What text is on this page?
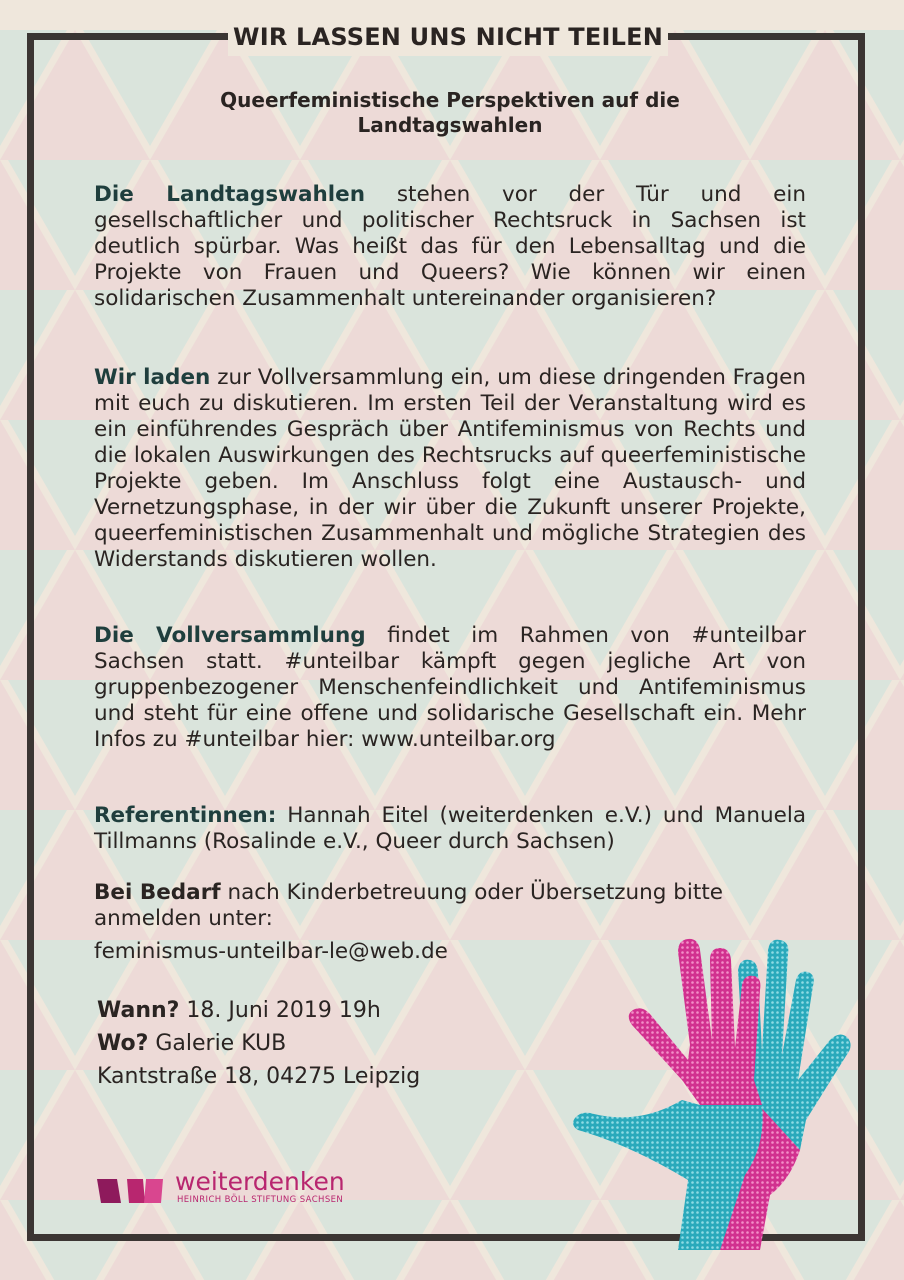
WIR LASSEN UNS NICHT TEILEN
Queerfeministische Perspektiven auf die
Landtagswahlen
Die Landtagswahlen stehen vor der Tür und ein gesellschaftlicher und politischer Rechtsruck in Sachsen ist deutlich spürbar. Was heißt das für den Lebensalltag und die Projekte von Frauen und Queers? Wie können wir einen solidarischen Zusammenhalt untereinander organisieren?
Wir laden zur Vollversammlung ein, um diese dringenden Fragen mit euch zu diskutieren. Im ersten Teil der Veranstaltung wird es ein einführendes Gespräch über Antifeminismus von Rechts und die lokalen Auswirkungen des Rechtsrucks auf queerfeministische Projekte geben. Im Anschluss folgt eine Austausch- und Vernetzungsphase, in der wir über die Zukunft unserer Projekte, queerfeministischen Zusammenhalt und mögliche Strategien des Widerstands diskutieren wollen.
Die Vollversammlung findet im Rahmen von #unteilbar Sachsen statt. #unteilbar kämpft gegen jegliche Art von gruppenbezogener Menschenfeindlichkeit und Antifeminismus und steht für eine offene und solidarische Gesellschaft ein. Mehr Infos zu #unteilbar hier: www.unteilbar.org
Referentinnen: Hannah Eitel (weiterdenken e.V.) und Manuela Tillmanns (Rosalinde e.V., Queer durch Sachsen)
Bei Bedarf nach Kinderbetreuung oder Übersetzung bitte anmelden unter:
feminismus-unteilbar-le@web.de
Wann? 18. Juni 2019 19h
Wo? Galerie KUB
Kantstraße 18, 04275 Leipzig
weiterdenken
HEINRICH BÖLL STIFTUNG SACHSEN
